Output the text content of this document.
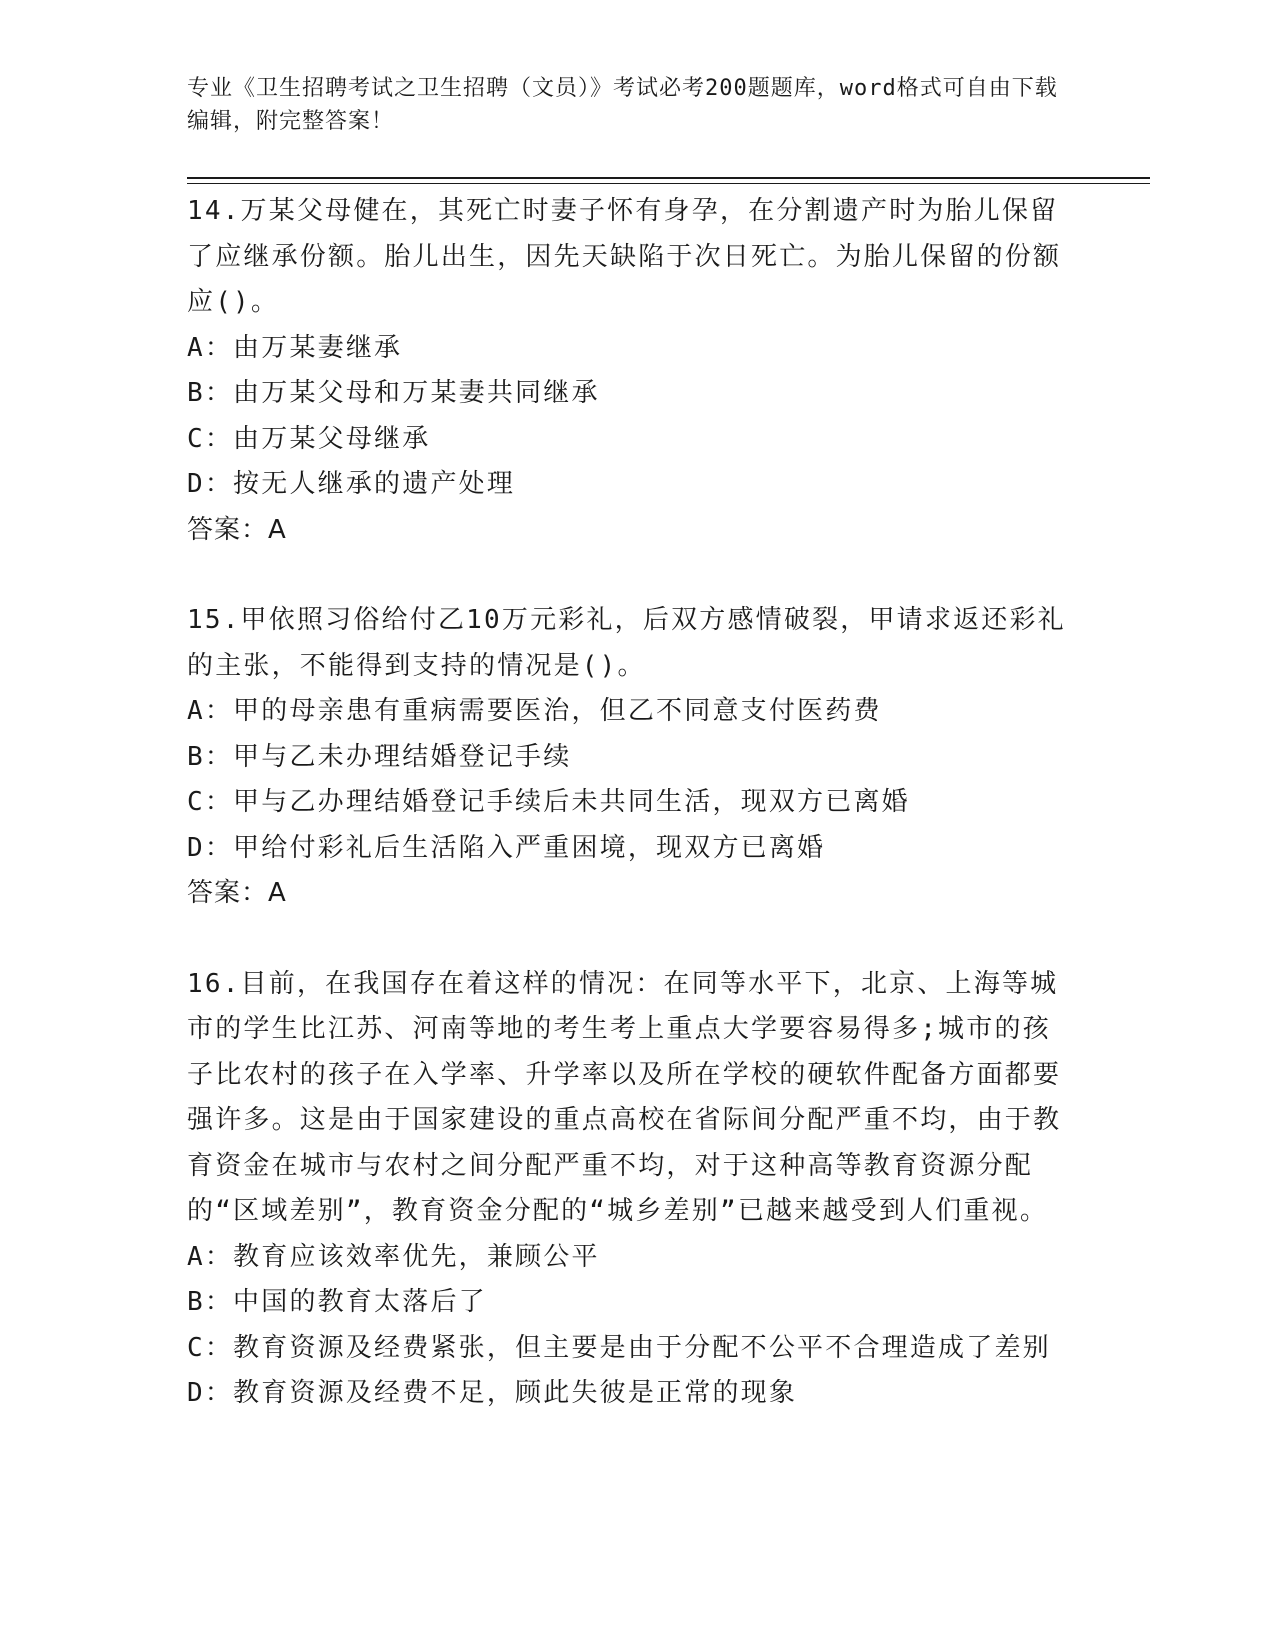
专业《卫生招聘考试之卫生招聘（文员）》考试必考200题题库，word格式可自由下载编辑，附完整答案！

14.万某父母健在，其死亡时妻子怀有身孕，在分割遗产时为胎儿保留了应继承份额。胎儿出生，因先天缺陷于次日死亡。为胎儿保留的份额应()。

A：由万某妻继承

B：由万某父母和万某妻共同继承

C：由万某父母继承

D：按无人继承的遗产处理

答案：A

15.甲依照习俗给付乙10万元彩礼，后双方感情破裂，甲请求返还彩礼的主张，不能得到支持的情况是()。

A：甲的母亲患有重病需要医治，但乙不同意支付医药费

B：甲与乙未办理结婚登记手续

C：甲与乙办理结婚登记手续后未共同生活，现双方已离婚

D：甲给付彩礼后生活陷入严重困境，现双方已离婚

答案：A

16.目前，在我国存在着这样的情况：在同等水平下，北京、上海等城市的学生比江苏、河南等地的考生考上重点大学要容易得多;城市的孩子比农村的孩子在入学率、升学率以及所在学校的硬软件配备方面都要强许多。这是由于国家建设的重点高校在省际间分配严重不均，由于教育资金在城市与农村之间分配严重不均，对于这种高等教育资源分配的“区域差别”，教育资金分配的“城乡差别”已越来越受到人们重视。

A：教育应该效率优先，兼顾公平

B：中国的教育太落后了

C：教育资源及经费紧张，但主要是由于分配不公平不合理造成了差别

D：教育资源及经费不足，顾此失彼是正常的现象
